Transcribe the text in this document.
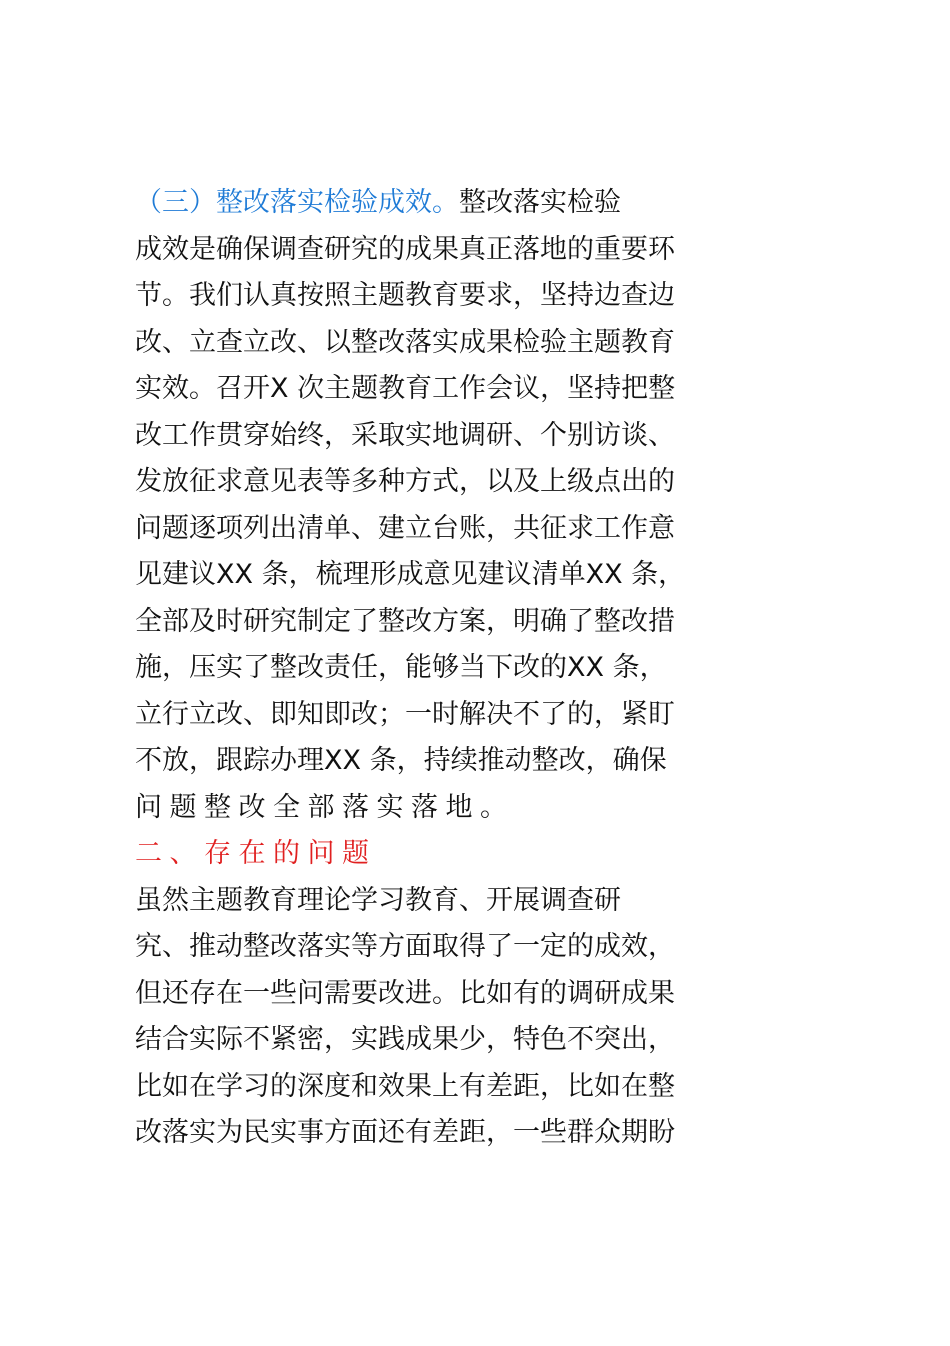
（三）整改落实检验成效。整改落实检验

成效是确保调查研究的成果真正落地的重要环

节。我们认真按照主题教育要求，坚持边查边

改、立查立改、以整改落实成果检验主题教育

实效。召开X 次主题教育工作会议，坚持把整

改工作贯穿始终，采取实地调研、个别访谈、

发放征求意见表等多种方式，以及上级点出的

问题逐项列出清单、建立台账，共征求工作意

见建议XX 条，梳理形成意见建议清单XX 条，

全部及时研究制定了整改方案，明确了整改措

施，压实了整改责任，能够当下改的XX 条，

立行立改、即知即改；一时解决不了的，紧盯

不放，跟踪办理XX 条，持续推动整改，确保

问题整改全部落实落地。

二、存在的问题

虽然主题教育理论学习教育、开展调查研

究、推动整改落实等方面取得了一定的成效，

但还存在一些问需要改进。比如有的调研成果

结合实际不紧密，实践成果少，特色不突出，

比如在学习的深度和效果上有差距，比如在整

改落实为民实事方面还有差距，一些群众期盼
